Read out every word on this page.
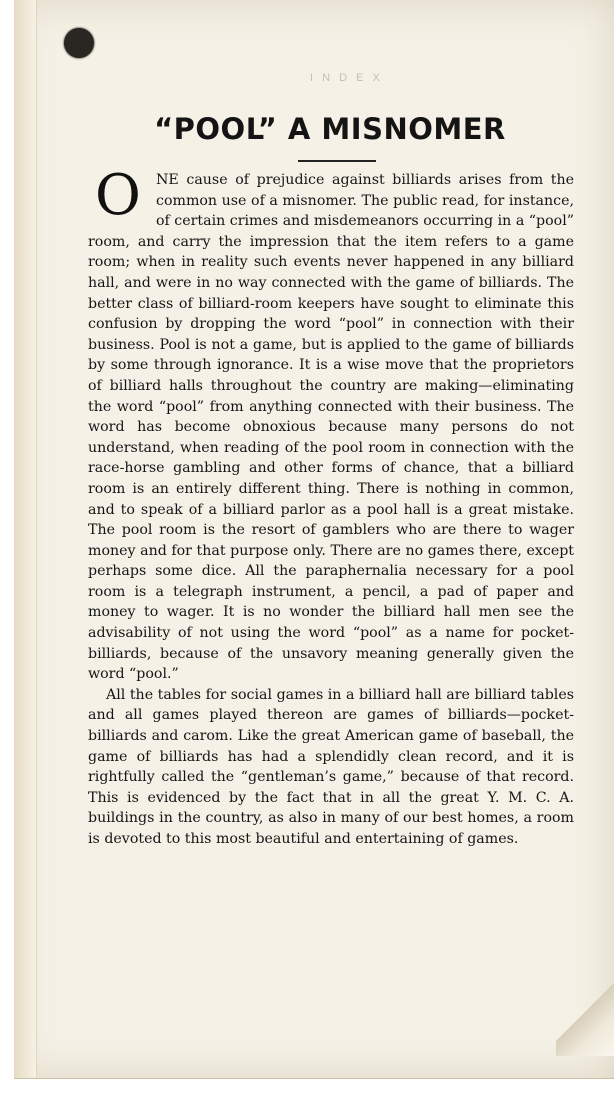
I N D E X
“POOL” A MISNOMER

O	NE cause of prejudice against billiards arises from the common use of a misnomer. The public read, for instance, of certain crimes and misdemeanors occurring in a “pool” room, and carry the impression that the item refers to a game room; when in reality such events never happened in any billiard hall, and were in no way connected with the game of billiards. The better class of billiard-room keepers have sought to eliminate this confusion by dropping the word “pool” in connection with their business. Pool is not a game, but is applied to the game of billiards by some through ignorance. It is a wise move that the proprietors of billiard halls throughout the country are making—eliminating the word “pool” from anything connected with their business. The word has become obnoxious because many persons do not understand, when reading of the pool room in connection with the race-horse gambling and other forms of chance, that a billiard room is an entirely different thing. There is nothing in common, and to speak of a billiard parlor as a pool hall is a great mistake. The pool room is the resort of gamblers who are there to wager money and for that purpose only. There are no games there, except perhaps some dice. All the paraphernalia necessary for a pool room is a telegraph instrument, a pencil, a pad of paper and money to wager. It is no wonder the billiard hall men see the advisability of not using the word “pool” as a name for pocket-billiards, because of the unsavory meaning generally given the word “pool.”

All the tables for social games in a billiard hall are billiard tables and all games played thereon are games of billiards—pocket-billiards and carom. Like the great American game of baseball, the game of billiards has had a splendidly clean record, and it is rightfully called the “gentleman’s game,” because of that record. This is evidenced by the fact that in all the great Y. M. C. A. buildings in the country, as also in many of our best homes, a room is devoted to this most beautiful and entertaining of games.
